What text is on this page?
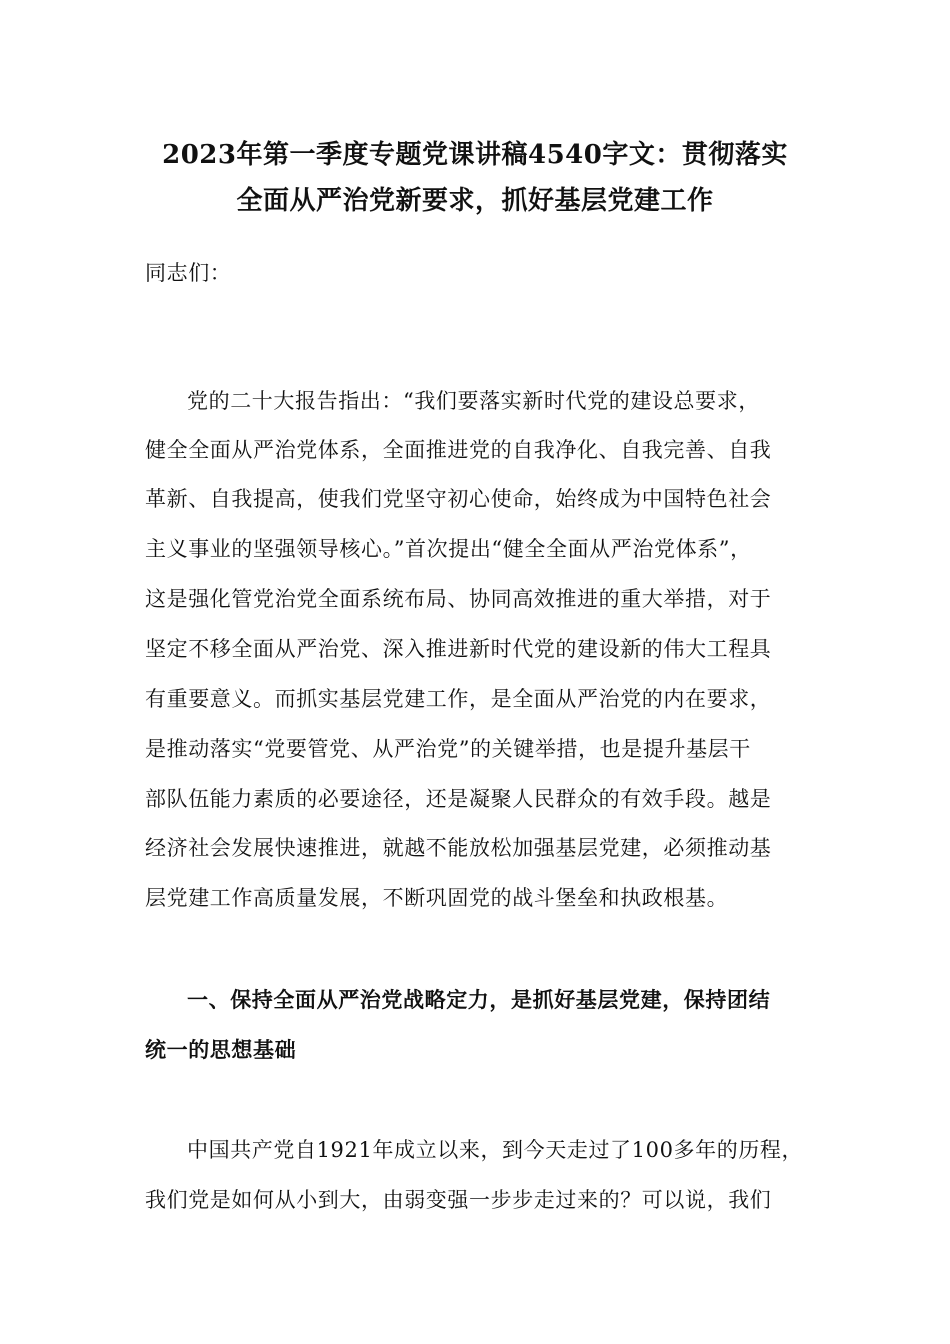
2023年第一季度专题党课讲稿4540字文：贯彻落实
全面从严治党新要求，抓好基层党建工作
同志们：
党的二十大报告指出：“我们要落实新时代党的建设总要求，
健全全面从严治党体系，全面推进党的自我净化、自我完善、自我
革新、自我提高，使我们党坚守初心使命，始终成为中国特色社会
主义事业的坚强领导核心。”首次提出“健全全面从严治党体系”，
这是强化管党治党全面系统布局、协同高效推进的重大举措，对于
坚定不移全面从严治党、深入推进新时代党的建设新的伟大工程具
有重要意义。而抓实基层党建工作，是全面从严治党的内在要求，
是推动落实“党要管党、从严治党”的关键举措，也是提升基层干
部队伍能力素质的必要途径，还是凝聚人民群众的有效手段。越是
经济社会发展快速推进，就越不能放松加强基层党建，必须推动基
层党建工作高质量发展，不断巩固党的战斗堡垒和执政根基。
一、保持全面从严治党战略定力，是抓好基层党建，保持团结
统一的思想基础
中国共产党自1921年成立以来，到今天走过了100多年的历程，
我们党是如何从小到大，由弱变强一步步走过来的？可以说，我们
